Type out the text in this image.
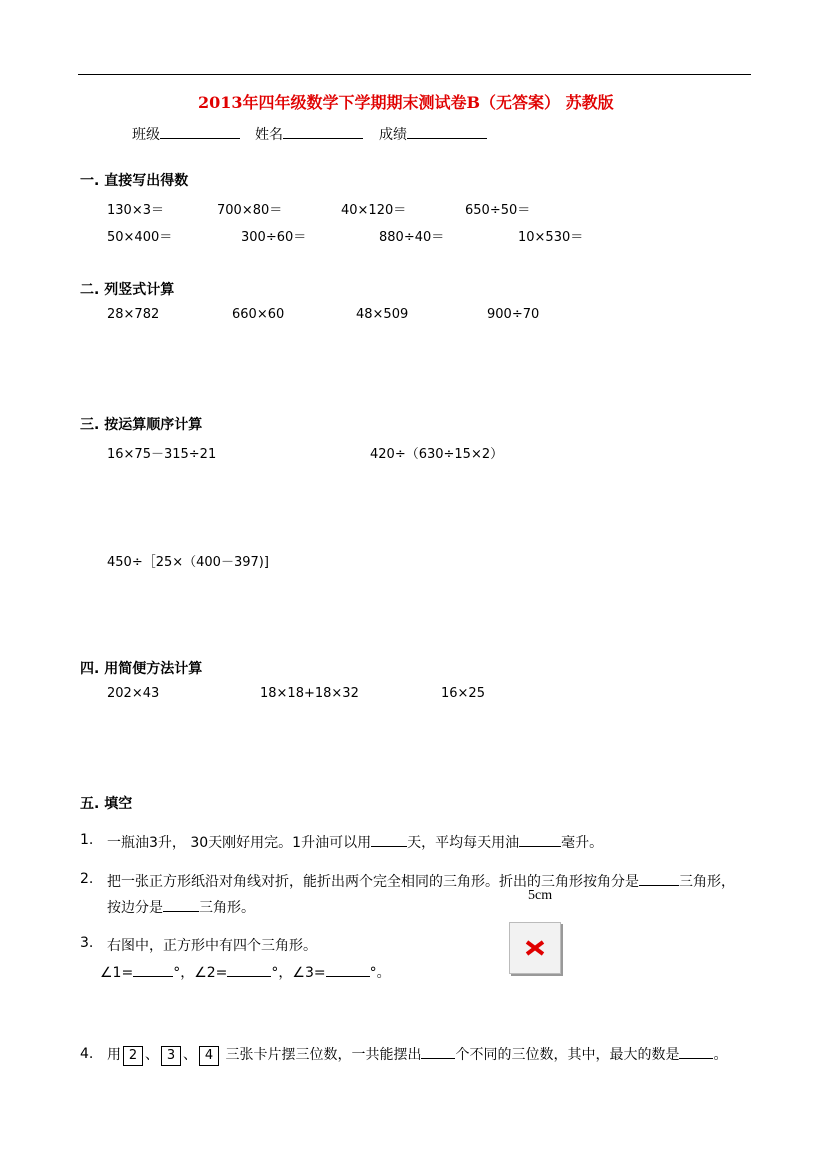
2013年四年级数学下学期期末测试卷B（无答案） 苏教版
班级	姓名	成绩
一. 直接写出得数
130×3＝	700×80＝	40×120＝	650÷50＝
50×400＝	300÷60＝	880÷40＝	10×530＝
二. 列竖式计算
28×782	660×60	48×509	900÷70
三. 按运算顺序计算
16×75－315÷21	420÷（630÷15×2）
450÷［25×（400－397)]
四. 用简便方法计算
202×43	18×18+18×32	16×25
五. 填空
1. 一瓶油3升， 30天刚好用完。1升油可以用	天，平均每天用油	毫升。
2. 把一张正方形纸沿对角线对折，能折出两个完全相同的三角形。折出的三角形按角分是	三角形，
5cm
按边分是	三角形。
3. 右图中，正方形中有四个三角形。
∠1=	°，∠2=	°，∠3=	°。
4. 用 2 、 3 、 4 三张卡片摆三位数，一共能摆出 个不同的三位数，其中，最大的数是 。
